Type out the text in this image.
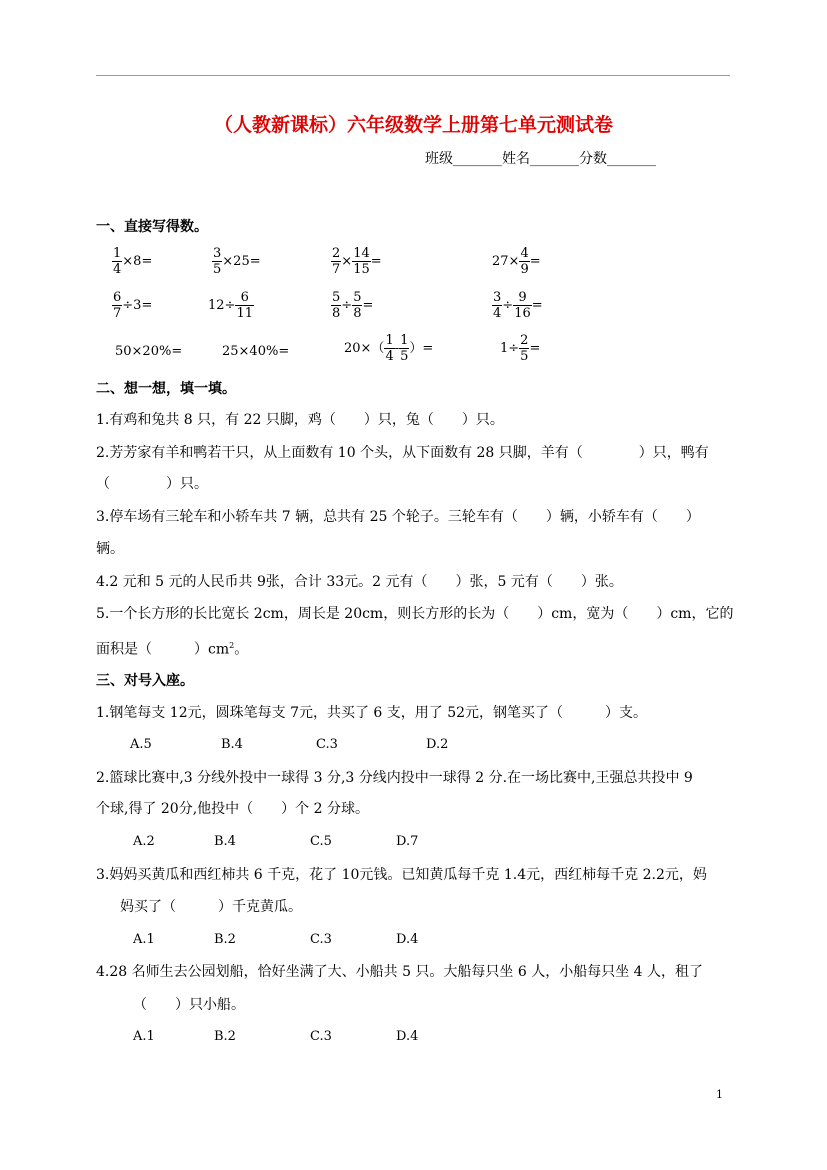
（人教新课标）六年级数学上册第七单元测试卷
班级_______姓名_______分数_______
一、直接写得数。
$\frac{1}{4} \times 8=$	$\frac{3}{5} \times 25=$	$\frac{2}{7} \times \frac{14}{15}$ =	$27\times \frac{4}{9}$ =
$\frac{6}{7} \div 3=$	$12\div \frac{6}{11}$	$\frac{5}{8} \div \frac{5}{8}$ =	$\frac{3}{4} \div \frac{9}{16}$ =
50×20%=	25×40%=	$20\times( \frac{1}{4} - \frac{1}{5}$ ）=	$1\div \frac{2}{5}$ =
二、想一想，填一填。
1.有鸡和兔共 8 只，有 22 只脚，鸡（　　）只，兔（　　）只。
2.芳芳家有羊和鸭若干只，从上面数有 10 个头，从下面数有 28 只脚，羊有（　　　　）只，鸭有
（　　　　）只。
3.停车场有三轮车和小轿车共 7 辆，总共有 25 个轮子。三轮车有（　　）辆，小轿车有（　　）
辆。
4.2 元和 5 元的人民币共 9张，合计 33元。2 元有（　　）张，5 元有（　　）张。
5.一个长方形的长比宽长 2cm，周长是 20cm，则长方形的长为（　　）cm，宽为（　　）cm，它的
面积是（　　　）$cm^2$。
三、对号入座。
1.钢笔每支 12元，圆珠笔每支 7元，共买了 6 支，用了 52元，钢笔买了（　　　）支。
A.5	B.4	C.3	D.2
2.篮球比赛中,3 分线外投中一球得 3 分,3 分线内投中一球得 2 分.在一场比赛中,王强总共投中 9
个球,得了 20分,他投中（　　）个 2 分球。
A.2	B.4	C.5	D.7
3.妈妈买黄瓜和西红柿共 6 千克，花了 10元钱。已知黄瓜每千克 1.4元，西红柿每千克 2.2元，妈
妈买了（　　　）千克黄瓜。
A.1	B.2	C.3	D.4
4.28 名师生去公园划船，恰好坐满了大、小船共 5 只。大船每只坐 6 人，小船每只坐 4 人，租了
（　　）只小船。
A.1	B.2	C.3	D.4
1
